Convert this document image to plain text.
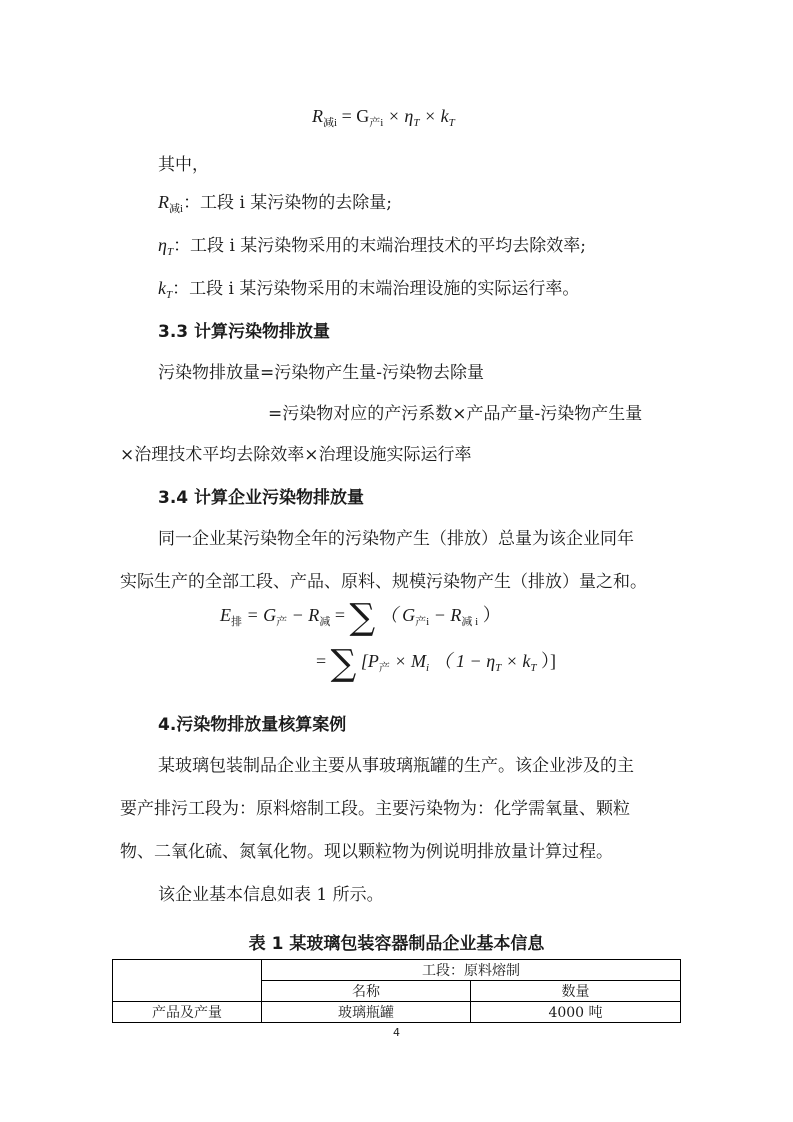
$R_{减i} = G_{产i} \times \eta_T \times k_T$
其中，
$R_{减i}$：工段 i 某污染物的去除量;
$\eta_T$：工段 i 某污染物采用的末端治理技术的平均去除效率;
$k_T$：工段 i 某污染物采用的末端治理设施的实际运行率。
3.3 计算污染物排放量
污染物排放量=污染物产生量-污染物去除量
=污染物对应的产污系数×产品产量-污染物产生量
×治理技术平均去除效率×治理设施实际运行率
3.4 计算企业污染物排放量
同一企业某污染物全年的污染物产生（排放）总量为该企业同年
实际生产的全部工段、产品、原料、规模污染物产生（排放）量之和。
$E_排 = G_产 - R_减$ = ∑ （ $G_{产i} - R_{减 i}$ ）
= ∑ [$P_产 \times M_i$ （ $1 - \eta_T \times k_T$ ）]
4.污染物排放量核算案例
某玻璃包装制品企业主要从事玻璃瓶罐的生产。该企业涉及的主
要产排污工段为：原料熔制工段。主要污染物为：化学需氧量、颗粒
物、二氧化硫、氮氧化物。现以颗粒物为例说明排放量计算过程。
该企业基本信息如表 1 所示。
表 1 某玻璃包装容器制品企业基本信息
	工段：原料熔制	
	名称	数量
产品及产量	玻璃瓶罐	4000 吨
4
